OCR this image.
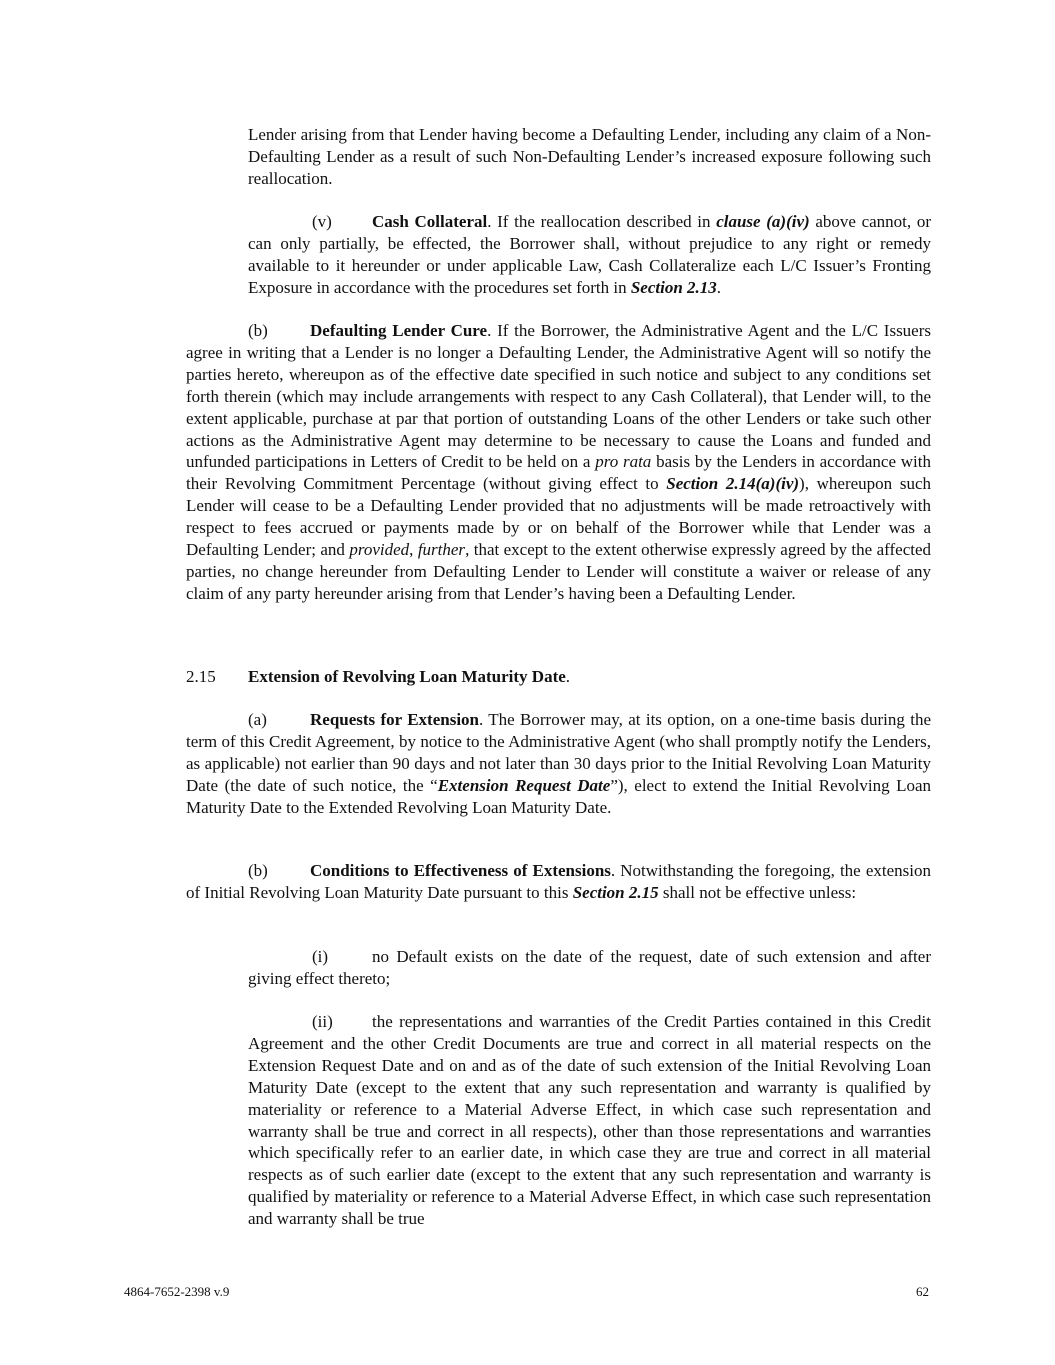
Lender arising from that Lender having become a Defaulting Lender, including any claim of a Non-Defaulting Lender as a result of such Non-Defaulting Lender’s increased exposure following such reallocation.

(v) Cash Collateral. If the reallocation described in clause (a)(iv) above cannot, or can only partially, be effected, the Borrower shall, without prejudice to any right or remedy available to it hereunder or under applicable Law, Cash Collateralize each L/C Issuer’s Fronting Exposure in accordance with the procedures set forth in Section 2.13.

(b) Defaulting Lender Cure. If the Borrower, the Administrative Agent and the L/C Issuers agree in writing that a Lender is no longer a Defaulting Lender, the Administrative Agent will so notify the parties hereto, whereupon as of the effective date specified in such notice and subject to any conditions set forth therein (which may include arrangements with respect to any Cash Collateral), that Lender will, to the extent applicable, purchase at par that portion of outstanding Loans of the other Lenders or take such other actions as the Administrative Agent may determine to be necessary to cause the Loans and funded and unfunded participations in Letters of Credit to be held on a pro rata basis by the Lenders in accordance with their Revolving Commitment Percentage (without giving effect to Section 2.14(a)(iv)), whereupon such Lender will cease to be a Defaulting Lender provided that no adjustments will be made retroactively with respect to fees accrued or payments made by or on behalf of the Borrower while that Lender was a Defaulting Lender; and provided, further, that except to the extent otherwise expressly agreed by the affected parties, no change hereunder from Defaulting Lender to Lender will constitute a waiver or release of any claim of any party hereunder arising from that Lender’s having been a Defaulting Lender.

2.15 Extension of Revolving Loan Maturity Date.

(a)	Requests for Extension. The Borrower may, at its option, on a one-time basis during the term of this Credit Agreement, by notice to the Administrative Agent (who shall promptly notify the Lenders, as applicable) not earlier than 90 days and not later than 30 days prior to the Initial Revolving Loan Maturity Date (the date of such notice, the “Extension Request Date”), elect to extend the Initial Revolving Loan Maturity Date to the Extended Revolving Loan Maturity Date.

(b) Conditions to Effectiveness of Extensions. Notwithstanding the foregoing, the extension of Initial Revolving Loan Maturity Date pursuant to this Section 2.15 shall not be effective unless:

(i)	no Default exists on the date of the request, date of such extension and after giving effect thereto;

(ii) the representations and warranties of the Credit Parties contained in this Credit Agreement and the other Credit Documents are true and correct in all material respects on the Extension Request Date and on and as of the date of such extension of the Initial Revolving Loan Maturity Date (except to the extent that any such representation and warranty is qualified by materiality or reference to a Material Adverse Effect, in which case such representation and warranty shall be true and correct in all respects), other than those representations and warranties which specifically refer to an earlier date, in which case they are true and correct in all material respects as of such earlier date (except to the extent that any such representation and warranty is qualified by materiality or reference to a Material Adverse Effect, in which case such representation and warranty shall be true

4864-7652-2398 v.9	62
